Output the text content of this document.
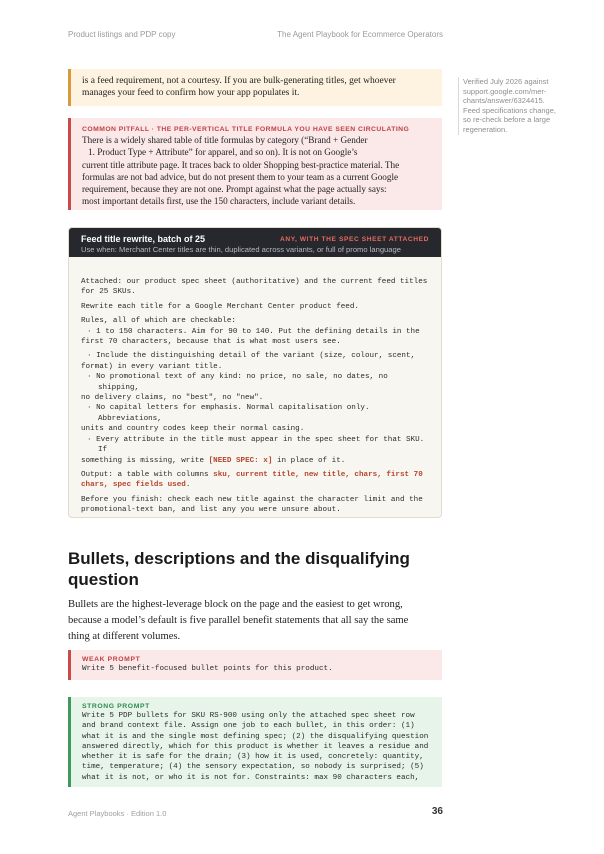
Product listings and PDP copy	The Agent Playbook for Ecommerce Operators
is a feed requirement, not a courtesy. If you are bulk-generating titles, get whoever
manages your feed to confirm how your app populates it.
Verified July 2026 against
support.google.com/mer-
chants/answer/6324415.
Feed specifications change,
so re-check before a large
regeneration.
COMMON PITFALL · THE PER-VERTICAL TITLE FORMULA YOU HAVE SEEN CIRCULATING
There is a widely shared table of title formulas by category (“Brand + Gender
1. Product Type + Attribute” for apparel, and so on). It is not on Google’s
current title attribute page. It traces back to older Shopping best-practice material. The
formulas are not bad advice, but do not present them to your team as a current Google
requirement, because they are not one. Prompt against what the page actually says:
most important details first, use the 150 characters, include variant details.
Feed title rewrite, batch of 25	ANY, WITH THE SPEC SHEET ATTACHED
Use when: Merchant Center titles are thin, duplicated across variants, or full of promo language
Attached: our product spec sheet (authoritative) and the current feed titles
for 25 SKUs.
Rewrite each title for a Google Merchant Center product feed.
Rules, all of which are checkable:
· 1 to 150 characters. Aim for 90 to 140. Put the defining details in the
first 70 characters, because that is what most users see.
· Include the distinguishing detail of the variant (size, colour, scent,
format) in every variant title.
· No promotional text of any kind: no price, no sale, no dates, no
shipping,
no delivery claims, no "best", no "new".
· No capital letters for emphasis. Normal capitalisation only.
Abbreviations,
units and country codes keep their normal casing.
· Every attribute in the title must appear in the spec sheet for that SKU.
If
something is missing, write [NEED SPEC: x] in place of it.
Output: a table with columns sku, current title, new title, chars, first 70
chars, spec fields used.
Before you finish: check each new title against the character limit and the
promotional-text ban, and list any you were unsure about.
Bullets, descriptions and the disqualifying
question
Bullets are the highest-leverage block on the page and the easiest to get wrong,
because a model’s default is five parallel benefit statements that all say the same
thing at different volumes.
WEAK PROMPT
Write 5 benefit-focused bullet points for this product.
STRONG PROMPT
Write 5 PDP bullets for SKU RS-900 using only the attached spec sheet row
and brand context file. Assign one job to each bullet, in this order: (1)
what it is and the single most defining spec; (2) the disqualifying question
answered directly, which for this product is whether it leaves a residue and
whether it is safe for the drain; (3) how it is used, concretely: quantity,
time, temperature; (4) the sensory expectation, so nobody is surprised; (5)
what it is not, or who it is not for. Constraints: max 90 characters each,
Agent Playbooks · Edition 1.0	36
